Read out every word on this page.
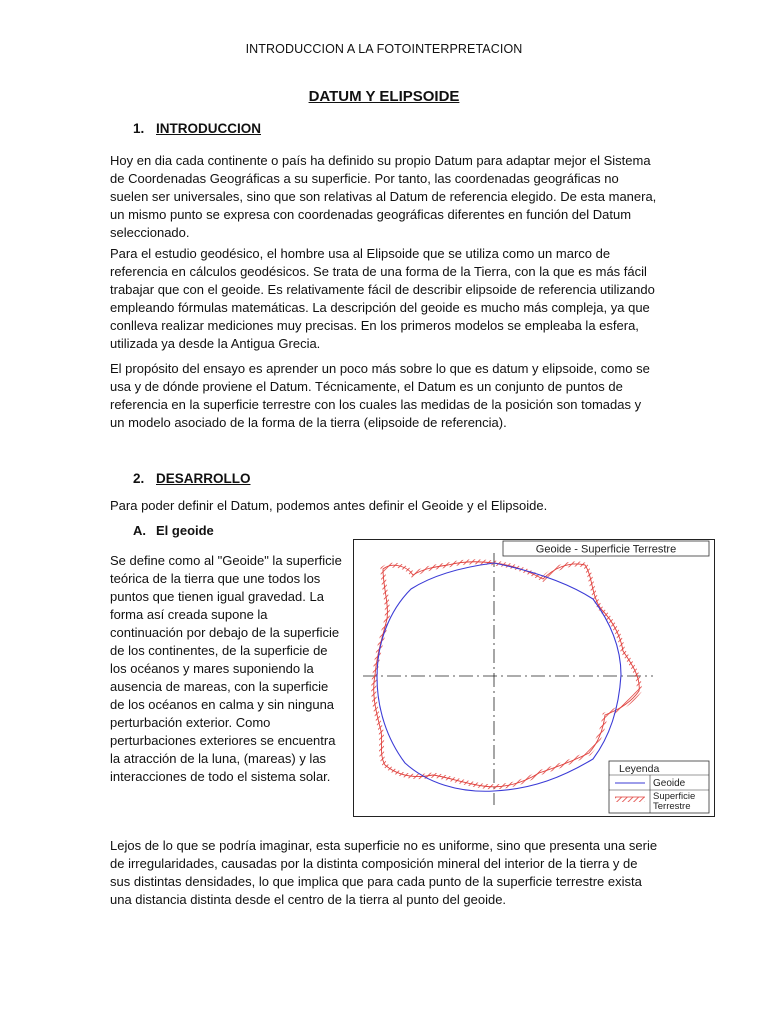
INTRODUCCION A LA FOTOINTERPRETACION
DATUM Y ELIPSOIDE
1. INTRODUCCION

Hoy en dia cada continente o país ha definido su propio Datum para adaptar mejor el Sistema de Coordenadas Geográficas a su superficie. Por tanto, las coordenadas geográficas no suelen ser universales, sino que son relativas al Datum de referencia elegido. De esta manera, un mismo punto se expresa con coordenadas geográficas diferentes en función del Datum seleccionado.

Para el estudio geodésico, el hombre usa al Elipsoide que se utiliza como un marco de referencia en cálculos geodésicos. Se trata de una forma de la Tierra, con la que es más fácil trabajar que con el geoide. Es relativamente fácil de describir elipsoide de referencia utilizando empleando fórmulas matemáticas. La descripción del geoide es mucho más compleja, ya que conlleva realizar mediciones muy precisas. En los primeros modelos se empleaba la esfera, utilizada ya desde la Antigua Grecia.

El propósito del ensayo es aprender un poco más sobre lo que es datum y elipsoide, como se usa y de dónde proviene el Datum. Técnicamente, el Datum es un conjunto de puntos de referencia en la superficie terrestre con los cuales las medidas de la posición son tomadas y un modelo asociado de la forma de la tierra (elipsoide de referencia).

2. DESARROLLO

Para poder definir el Datum, podemos antes definir el Geoide y el Elipsoide.

A. El geoide

Se define como al "Geoide" la superficie teórica de la tierra que une todos los puntos que tienen igual gravedad. La forma así creada supone la continuación por debajo de la superficie de los continentes, de la superficie de los océanos y mares suponiendo la ausencia de mareas, con la superficie de los océanos en calma y sin ninguna perturbación exterior. Como perturbaciones exteriores se encuentra la atracción de la luna, (mareas) y las interacciones de todo el sistema solar.

Geoide - Superficie Terrestre
Leyenda
Geoide
Superficie
Terrestre

Lejos de lo que se podría imaginar, esta superficie no es uniforme, sino que presenta una serie de irregularidades, causadas por la distinta composición mineral del interior de la tierra y de sus distintas densidades, lo que implica que para cada punto de la superficie terrestre exista una distancia distinta desde el centro de la tierra al punto del geoide.
